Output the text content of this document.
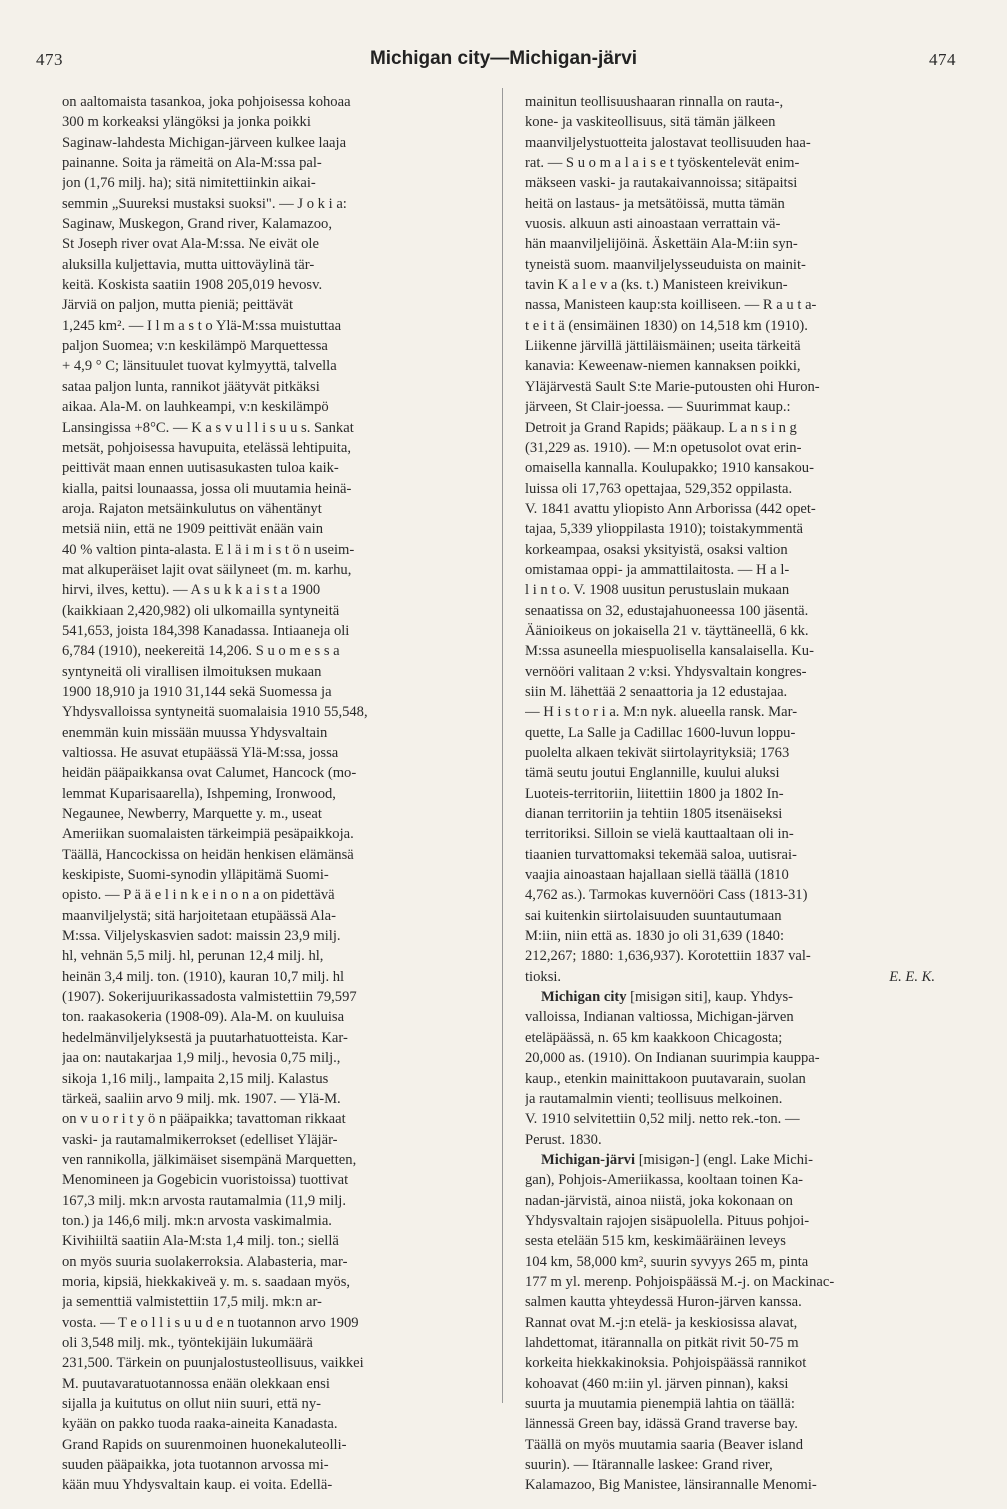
473	Michigan city—Michigan-järvi	474
on aaltomaista tasankoa, joka pohjoisessa kohoaa
300 m korkeaksi ylängöksi ja jonka poikki
Saginaw-lahdesta Michigan-järveen kulkee laaja
painanne. Soita ja rämeitä on Ala-M:ssa pal-
jon (1,76 milj. ha); sitä nimitettiinkin aikai-
semmin „Suureksi mustaksi suoksi". — J o k i a:
Saginaw, Muskegon, Grand river, Kalamazoo,
St Joseph river ovat Ala-M:ssa. Ne eivät ole
aluksilla kuljettavia, mutta uittoväylinä tär-
keitä. Koskista saatiin 1908 205,019 hevosv.
Järviä on paljon, mutta pieniä; peittävät
1,245 km². — I l m a s t o Ylä-M:ssa muistuttaa
paljon Suomea; v:n keskilämpö Marquettessa
+ 4,9 ° C; länsituulet tuovat kylmyyttä, talvella
sataa paljon lunta, rannikot jäätyvät pitkäksi
aikaa. Ala-M. on lauhkeampi, v:n keskilämpö
Lansingissa +8°C. — K a s v u l l i s u u s. Sankat
metsät, pohjoisessa havupuita, etelässä lehtipuita,
peittivät maan ennen uutisasukasten tuloa kaik-
kialla, paitsi lounaassa, jossa oli muutamia heinä-
aroja. Rajaton metsäinkulutus on vähentänyt
metsiä niin, että ne 1909 peittivät enään vain
40 % valtion pinta-alasta. E l ä i m i s t ö n useim-
mat alkuperäiset lajit ovat säilyneet (m. m. karhu,
hirvi, ilves, kettu). — A s u k k a i s t a 1900
(kaikkiaan 2,420,982) oli ulkomailla syntyneitä
541,653, joista 184,398 Kanadassa. Intiaaneja oli
6,784 (1910), neekereitä 14,206. S u o m e s s a
syntyneitä oli virallisen ilmoituksen mukaan
1900 18,910 ja 1910 31,144 sekä Suomessa ja
Yhdysvalloissa syntyneitä suomalaisia 1910 55,548,
enemmän kuin missään muussa Yhdysvaltain
valtiossa. He asuvat etupäässä Ylä-M:ssa, jossa
heidän pääpaikkansa ovat Calumet, Hancock (mo-
lemmat Kuparisaarella), Ishpeming, Ironwood,
Negaunee, Newberry, Marquette y. m., useat
Ameriikan suomalaisten tärkeimpiä pesäpaikkoja.
Täällä, Hancockissa on heidän henkisen elämänsä
keskipiste, Suomi-synodin ylläpitämä Suomi-
opisto. — P ä ä e l i n k e i n o n a on pidettävä
maanviljelystä; sitä harjoitetaan etupäässä Ala-
M:ssa. Viljelyskasvien sadot: maissin 23,9 milj.
hl, vehnän 5,5 milj. hl, perunan 12,4 milj. hl,
heinän 3,4 milj. ton. (1910), kauran 10,7 milj. hl
(1907). Sokerijuurikassadosta valmistettiin 79,597
ton. raakasokeria (1908-09). Ala-M. on kuuluisa
hedelmänviljelyksestä ja puutarhatuotteista. Kar-
jaa on: nautakarjaa 1,9 milj., hevosia 0,75 milj.,
sikoja 1,16 milj., lampaita 2,15 milj. Kalastus
tärkeä, saaliin arvo 9 milj. mk. 1907. — Ylä-M.
on v u o r i t y ö n pääpaikka; tavattoman rikkaat
vaski- ja rautamalmikerrokset (edelliset Yläjär-
ven rannikolla, jälkimäiset sisempänä Marquetten,
Menomineen ja Gogebicin vuoristoissa) tuottivat
167,3 milj. mk:n arvosta rautamalmia (11,9 milj.
ton.) ja 146,6 milj. mk:n arvosta vaskimalmia.
Kivihiiltä saatiin Ala-M:sta 1,4 milj. ton.; siellä
on myös suuria suolakerroksia. Alabasteria, mar-
moria, kipsiä, hiekkakiveä y. m. s. saadaan myös,
ja sementtiä valmistettiin 17,5 milj. mk:n ar-
vosta. — T e o l l i s u u d e n tuotannon arvo 1909
oli 3,548 milj. mk., työntekijäin lukumäärä
231,500. Tärkein on puunjalostusteollisuus, vaikkei
M. puutavaratuotannossa enään olekkaan ensi
sijalla ja kuitutus on ollut niin suuri, että ny-
kyään on pakko tuoda raaka-aineita Kanadasta.
Grand Rapids on suurenmoinen huonekaluteolli-
suuden pääpaikka, jota tuotannon arvossa mi-
kään muu Yhdysvaltain kaup. ei voita. Edellä-
mainitun teollisuushaaran rinnalla on rauta-,
kone- ja vaskiteollisuus, sitä tämän jälkeen
maanviljelystuotteita jalostavat teollisuuden haa-
rat. — S u o m a l a i s e t työskentelevät enim-
mäkseen vaski- ja rautakaivannoissa; sitäpaitsi
heitä on lastaus- ja metsätöissä, mutta tämän
vuosis. alkuun asti ainoastaan verrattain vä-
hän maanviljelijöinä. Äskettäin Ala-M:iin syn-
tyneistä suom. maanviljelysseuduista on mainit-
tavin K a l e v a (ks. t.) Manisteen kreivikun-
nassa, Manisteen kaup:sta koilliseen. — R a u t a-
t e i t ä (ensimäinen 1830) on 14,518 km (1910).
Liikenne järvillä jättiläismäinen; useita tärkeitä
kanavia: Keweenaw-niemen kannaksen poikki,
Yläjärvestä Sault S:te Marie-putousten ohi Huron-
järveen, St Clair-joessa. — Suurimmat kaup.:
Detroit ja Grand Rapids; pääkaup. L a n s i n g
(31,229 as. 1910). — M:n opetusolot ovat erin-
omaisella kannalla. Koulupakko; 1910 kansakou-
luissa oli 17,763 opettajaa, 529,352 oppilasta.
V. 1841 avattu yliopisto Ann Arborissa (442 opet-
tajaa, 5,339 ylioppilasta 1910); toistakymmentä
korkeampaa, osaksi yksityistä, osaksi valtion
omistamaa oppi- ja ammattilaitosta. — H a l-
l i n t o. V. 1908 uusitun perustuslain mukaan
senaatissa on 32, edustajahuoneessa 100 jäsentä.
Äänioikeus on jokaisella 21 v. täyttäneellä, 6 kk.
M:ssa asuneella miespuolisella kansalaisella. Ku-
vernööri valitaan 2 v:ksi. Yhdysvaltain kongres-
siin M. lähettää 2 senaattoria ja 12 edustajaa.
— H i s t o r i a. M:n nyk. alueella ransk. Mar-
quette, La Salle ja Cadillac 1600-luvun loppu-
puolelta alkaen tekivät siirtolayrityksiä; 1763
tämä seutu joutui Englannille, kuului aluksi
Luoteis-territoriin, liitettiin 1800 ja 1802 In-
dianan territoriin ja tehtiin 1805 itsenäiseksi
territoriksi. Silloin se vielä kauttaaltaan oli in-
tiaanien turvattomaksi tekemää saloa, uutisrai-
vaajia ainoastaan hajallaan siellä täällä (1810
4,762 as.). Tarmokas kuvernööri Cass (1813-31)
sai kuitenkin siirtolaisuuden suuntautumaan
M:iin, niin että as. 1830 jo oli 31,639 (1840:
212,267; 1880: 1,636,937). Korotettiin 1837 val-
tioksi.	E. E. K.
Michigan city [misigən siti], kaup. Yhdys-
valloissa, Indianan valtiossa, Michigan-järven
eteläpäässä, n. 65 km kaakkoon Chicagosta;
20,000 as. (1910). On Indianan suurimpia kauppa-
kaup., etenkin mainittakoon puutavarain, suolan
ja rautamalmin vienti; teollisuus melkoinen.
V. 1910 selvitettiin 0,52 milj. netto rek.-ton. —
Perust. 1830.
Michigan-järvi [misigən-] (engl. Lake Michi-
gan), Pohjois-Ameriikassa, kooltaan toinen Ka-
nadan-järvistä, ainoa niistä, joka kokonaan on
Yhdysvaltain rajojen sisäpuolella. Pituus pohjoi-
sesta etelään 515 km, keskimääräinen leveys
104 km, 58,000 km², suurin syvyys 265 m, pinta
177 m yl. merenp. Pohjoispäässä M.-j. on Mackinac-
salmen kautta yhteydessä Huron-järven kanssa.
Rannat ovat M.-j:n etelä- ja keskiosissa alavat,
lahdettomat, itärannalla on pitkät rivit 50-75 m
korkeita hiekkakinoksia. Pohjoispäässä rannikot
kohoavat (460 m:iin yl. järven pinnan), kaksi
suurta ja muutamia pienempiä lahtia on täällä:
lännessä Green bay, idässä Grand traverse bay.
Täällä on myös muutamia saaria (Beaver island
suurin). — Itärannalle laskee: Grand river,
Kalamazoo, Big Manistee, länsirannalle Menomi-
